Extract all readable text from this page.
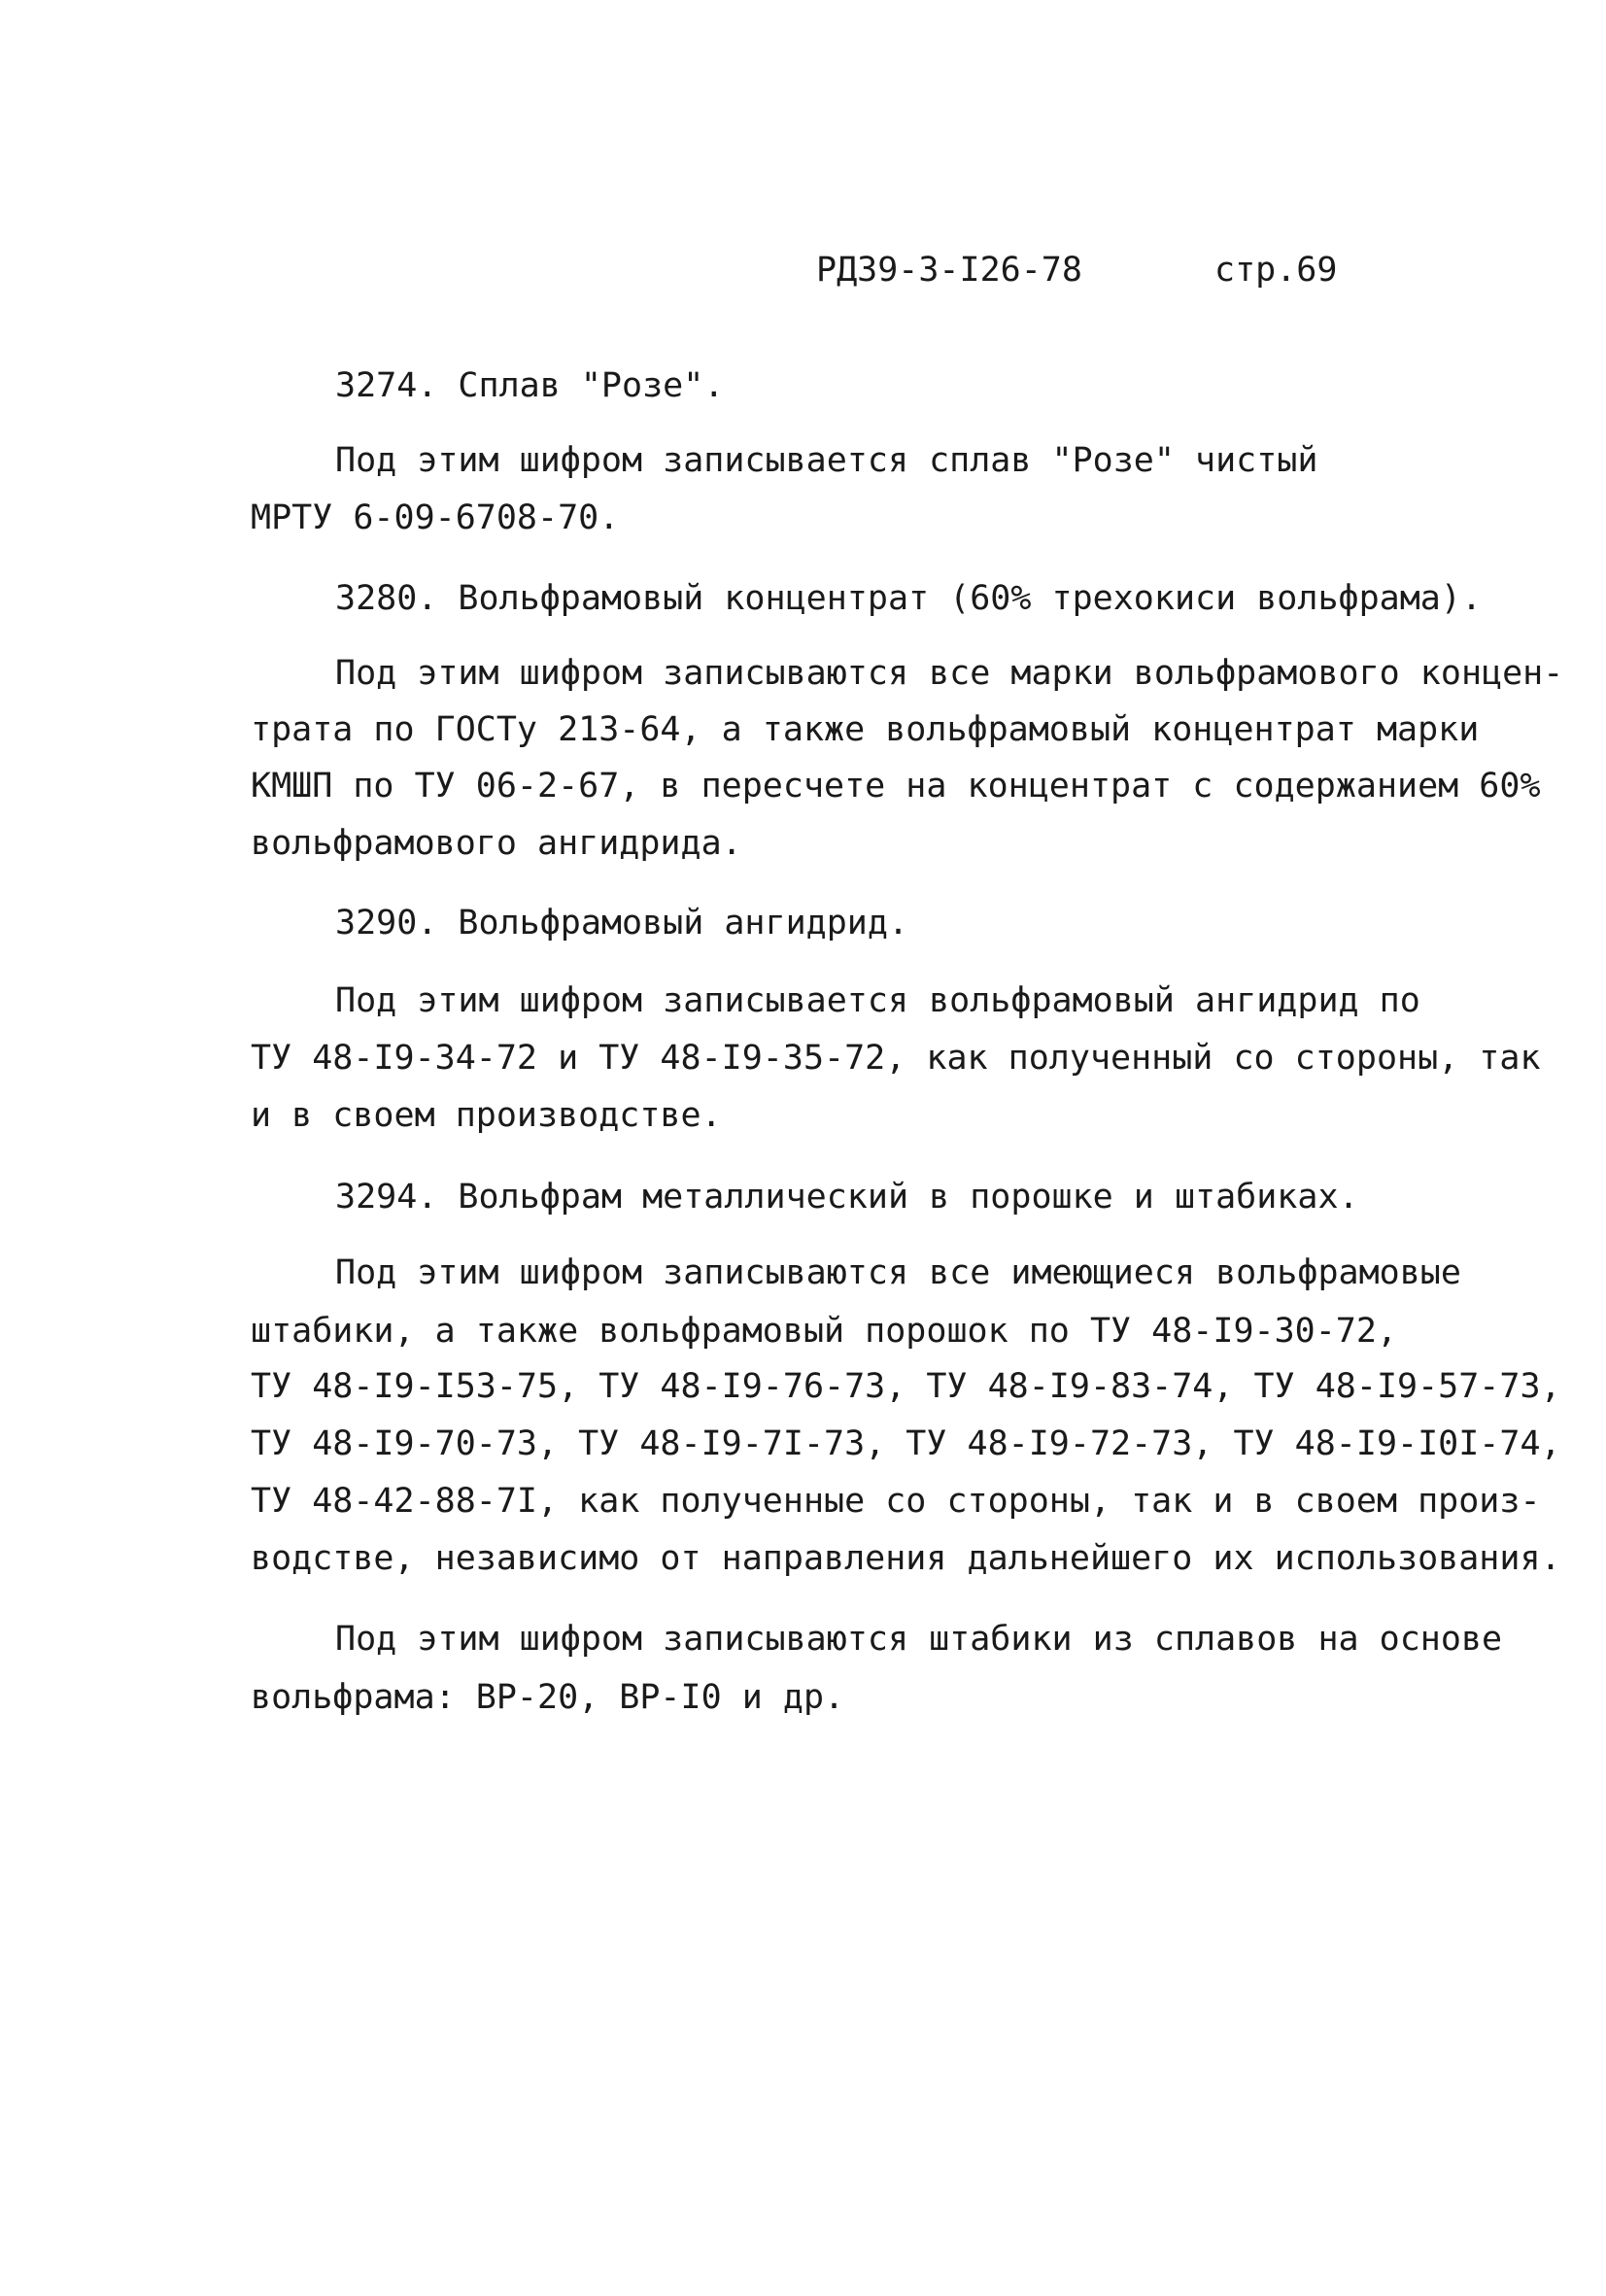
РДЗ9-3-I26-78	стр.69
3274. Сплав "Розе".
Под этим шифром записывается сплав "Розе" чистый
МРТУ 6-09-6708-70.
3280. Вольфрамовый концентрат (60% трехокиси вольфрама).
Под этим шифром записываются все марки вольфрамового концен-
трата по ГОСТу 213-64, а также вольфрамовый концентрат марки
КМШП по ТУ 06-2-67, в пересчете на концентрат с содержанием 60%
вольфрамового ангидрида.
3290. Вольфрамовый ангидрид.
Под этим шифром записывается вольфрамовый ангидрид по
ТУ 48-I9-34-72 и ТУ 48-I9-35-72, как полученный со стороны, так
и в своем производстве.
3294. Вольфрам металлический в порошке и штабиках.
Под этим шифром записываются все имеющиеся вольфрамовые
штабики, а также вольфрамовый порошок по ТУ 48-I9-30-72,
ТУ 48-I9-I53-75, ТУ 48-I9-76-73, ТУ 48-I9-83-74, ТУ 48-I9-57-73,
ТУ 48-I9-70-73, ТУ 48-I9-7I-73, ТУ 48-I9-72-73, ТУ 48-I9-I0I-74,
ТУ 48-42-88-7I, как полученные со стороны, так и в своем произ-
водстве, независимо от направления дальнейшего их использования.
Под этим шифром записываются штабики из сплавов на основе
вольфрама: ВР-20, ВР-I0 и др.
